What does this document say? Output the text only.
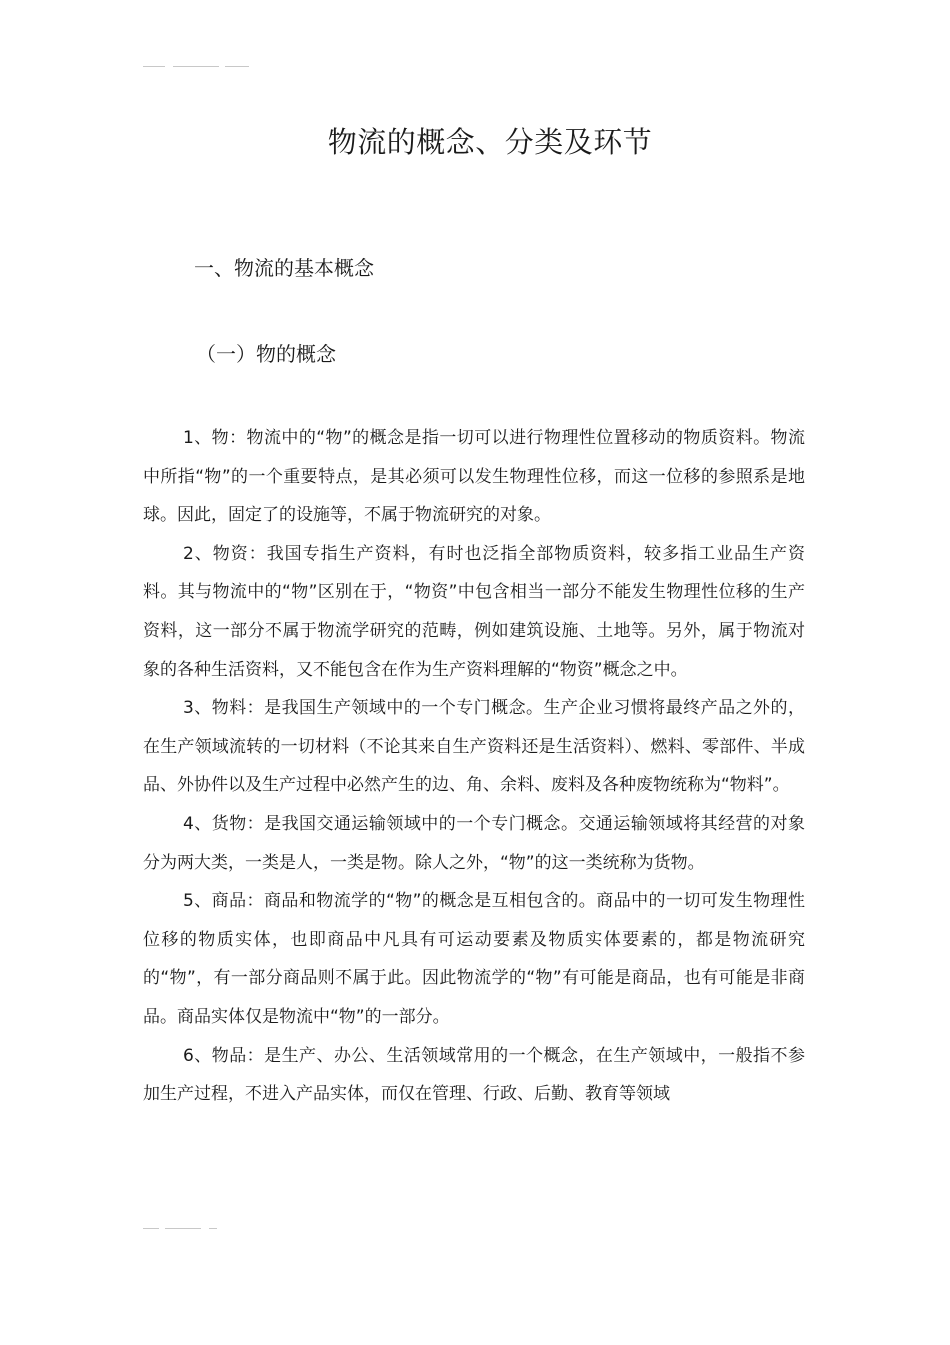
物流的概念、分类及环节
一、物流的基本概念
（一）物的概念

1、物：物流中的“物”的概念是指一切可以进行物理性位置移动的物质资料。物流中所指“物”的一个重要特点，是其必须可以发生物理性位移，而这一位移的参照系是地球。因此，固定了的设施等，不属于物流研究的对象。

2、物资：我国专指生产资料，有时也泛指全部物质资料，较多指工业品生产资料。其与物流中的“物”区别在于，“物资”中包含相当一部分不能发生物理性位移的生产资料，这一部分不属于物流学研究的范畴，例如建筑设施、土地等。另外，属于物流对象的各种生活资料，又不能包含在作为生产资料理解的“物资”概念之中。

3、物料：是我国生产领域中的一个专门概念。生产企业习惯将最终产品之外的，在生产领域流转的一切材料（不论其来自生产资料还是生活资料）、燃料、零部件、半成品、外协件以及生产过程中必然产生的边、角、余料、废料及各种废物统称为“物料”。

4、货物：是我国交通运输领域中的一个专门概念。交通运输领域将其经营的对象分为两大类，一类是人，一类是物。除人之外，“物”的这一类统称为货物。

5、商品：商品和物流学的“物”的概念是互相包含的。商品中的一切可发生物理性位移的物质实体，也即商品中凡具有可运动要素及物质实体要素的，都是物流研究的“物”，有一部分商品则不属于此。因此物流学的“物”有可能是商品，也有可能是非商品。商品实体仅是物流中“物”的一部分。

6、物品：是生产、办公、生活领域常用的一个概念，在生产领域中，一般指不参加生产过程，不进入产品实体，而仅在管理、行政、后勤、教育等领域
